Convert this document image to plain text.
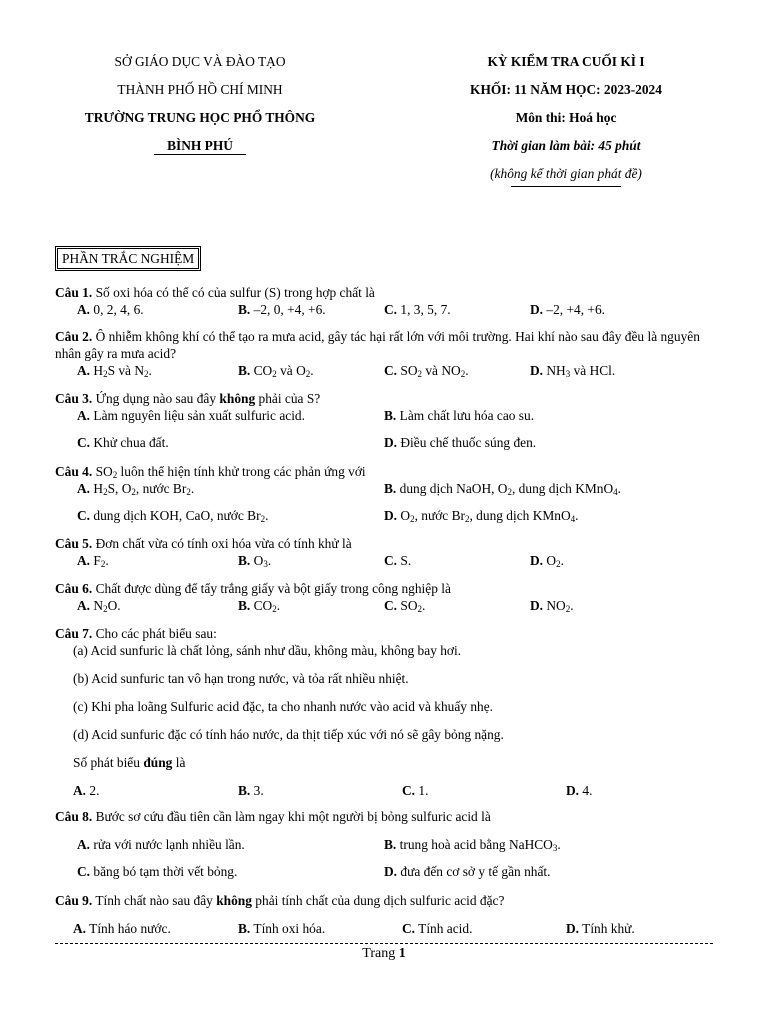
SỞ GIÁO DỤC VÀ ĐÀO TẠO
THÀNH PHỐ HỒ CHÍ MINH
TRƯỜNG TRUNG HỌC PHỔ THÔNG
BÌNH PHÚ
KỲ KIỂM TRA CUỐI KÌ I
KHỐI: 11 NĂM HỌC: 2023-2024
Môn thi: Hoá học
Thời gian làm bài: 45 phút
(không kể thời gian phát đề)
PHẦN TRẮC NGHIỆM
Câu 1. Số oxi hóa có thể có của sulfur (S) trong hợp chất là
A. 0, 2, 4, 6.	B. –2, 0, +4, +6.	C. 1, 3, 5, 7.	D. –2, +4, +6.
Câu 2. Ô nhiễm không khí có thể tạo ra mưa acid, gây tác hại rất lớn với môi trường. Hai khí nào sau đây đều là nguyên nhân gây ra mưa acid?
A. $H_2S$ và $N_2$.	B. $CO_2$ và $O_2$.	C. $SO_2$ và $NO_2$.	D. $NH_3$ và HCl.
Câu 3. Ứng dụng nào sau đây không phải của S?
A. Làm nguyên liệu sản xuất sulfuric acid.	B. Làm chất lưu hóa cao su.
C. Khử chua đất.	D. Điều chế thuốc súng đen.
Câu 4. $SO_2$ luôn thể hiện tính khử trong các phản ứng với
A. $H_2S$, $O_2$, nước $Br_2$.	B. dung dịch NaOH, $O_2$, dung dịch KMnO$_4$.
C. dung dịch KOH, CaO, nước $Br_2$.	D. $O_2$, nước $Br_2$, dung dịch KMnO$_4$.
Câu 5. Đơn chất vừa có tính oxi hóa vừa có tính khử là
A. $F_2$.	B. $O_3$.	C. S.	D. $O_2$.
Câu 6. Chất được dùng để tẩy trắng giấy và bột giấy trong công nghiệp là
A. $N_2O$.	B. $CO_2$.	C. $SO_2$.	D. $NO_2$.
Câu 7. Cho các phát biểu sau:
(a) Acid sunfuric là chất lỏng, sánh như dầu, không màu, không bay hơi.
(b) Acid sunfuric tan vô hạn trong nước, và tỏa rất nhiều nhiệt.
(c) Khi pha loãng Sulfuric acid đặc, ta cho nhanh nước vào acid và khuấy nhẹ.
(d) Acid sunfuric đặc có tính háo nước, da thịt tiếp xúc với nó sẽ gây bỏng nặng.
Số phát biểu đúng là
A. 2.	B. 3.	C. 1.	D. 4.
Câu 8. Bước sơ cứu đầu tiên cần làm ngay khi một người bị bỏng sulfuric acid là
A. rửa với nước lạnh nhiều lần.	B. trung hoà acid bằng NaHCO$_3$.
C. băng bó tạm thời vết bỏng.	D. đưa đến cơ sở y tế gần nhất.
Câu 9. Tính chất nào sau đây không phải tính chất của dung dịch sulfuric acid đặc?
A. Tính háo nước.	B. Tính oxi hóa.	C. Tính acid.	D. Tính khử.
Trang 1
